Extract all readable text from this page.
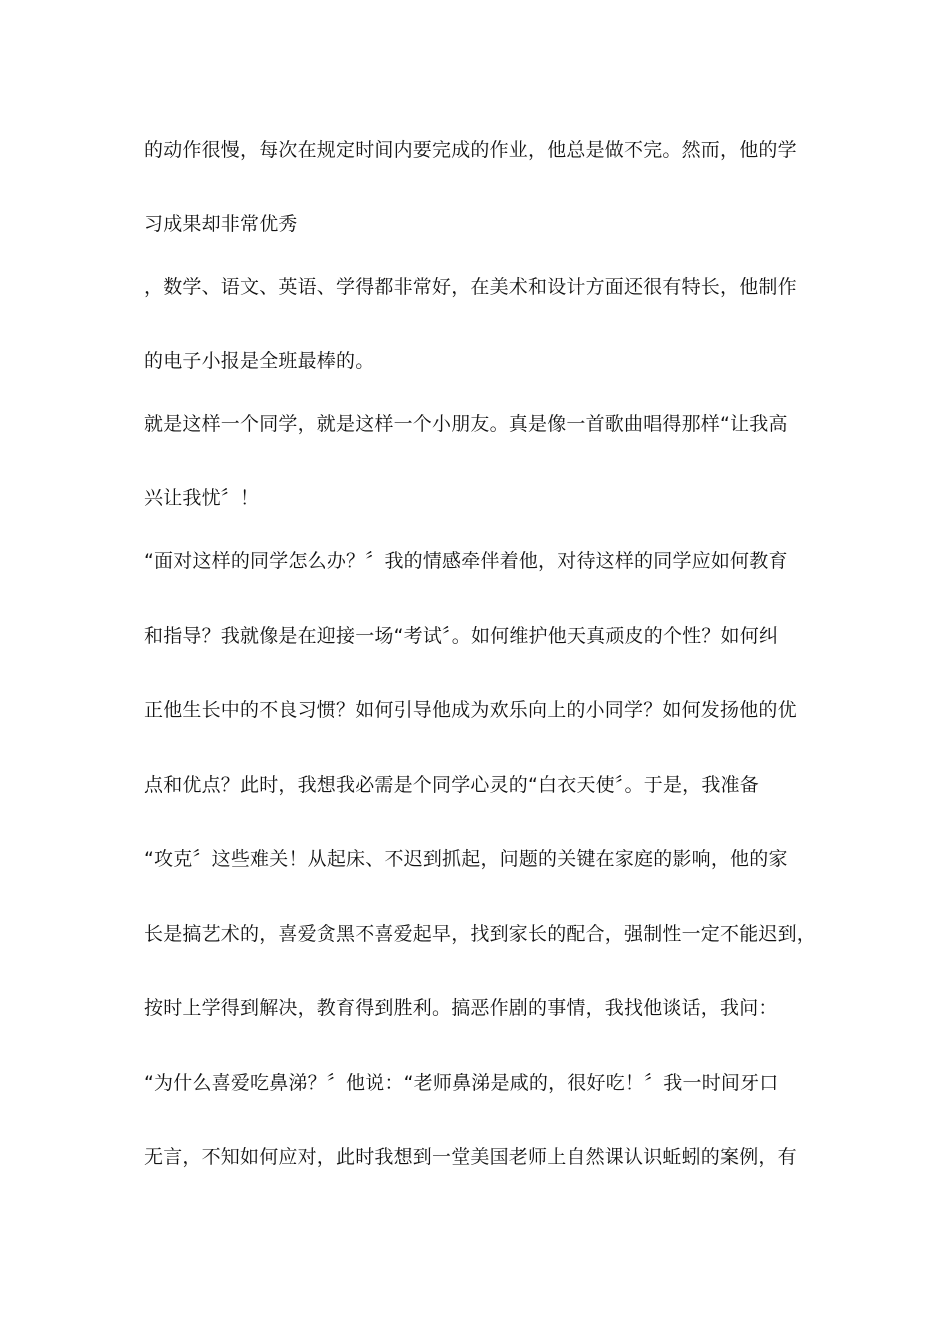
的动作很慢，每次在规定时间内要完成的作业，他总是做不完。然而，他的学
习成果却非常优秀
，数学、语文、英语、学得都非常好，在美术和设计方面还很有特长，他制作
的电子小报是全班最棒的。
就是这样一个同学，就是这样一个小朋友。真是像一首歌曲唱得那样“让我高
兴让我忧〞！
“面对这样的同学怎么办？〞我的情感牵伴着他，对待这样的同学应如何教育
和指导？我就像是在迎接一场“考试〞。如何维护他天真顽皮的个性？如何纠
正他生长中的不良习惯？如何引导他成为欢乐向上的小同学？如何发扬他的优
点和优点？此时，我想我必需是个同学心灵的“白衣天使〞。于是，我准备
“攻克〞这些难关！从起床、不迟到抓起，问题的关键在家庭的影响，他的家
长是搞艺术的，喜爱贪黑不喜爱起早，找到家长的配合，强制性一定不能迟到，
按时上学得到解决，教育得到胜利。搞恶作剧的事情，我找他谈话，我问：
“为什么喜爱吃鼻涕？〞他说：“老师鼻涕是咸的，很好吃！〞我一时间牙口
无言，不知如何应对，此时我想到一堂美国老师上自然课认识蚯蚓的案例，有
